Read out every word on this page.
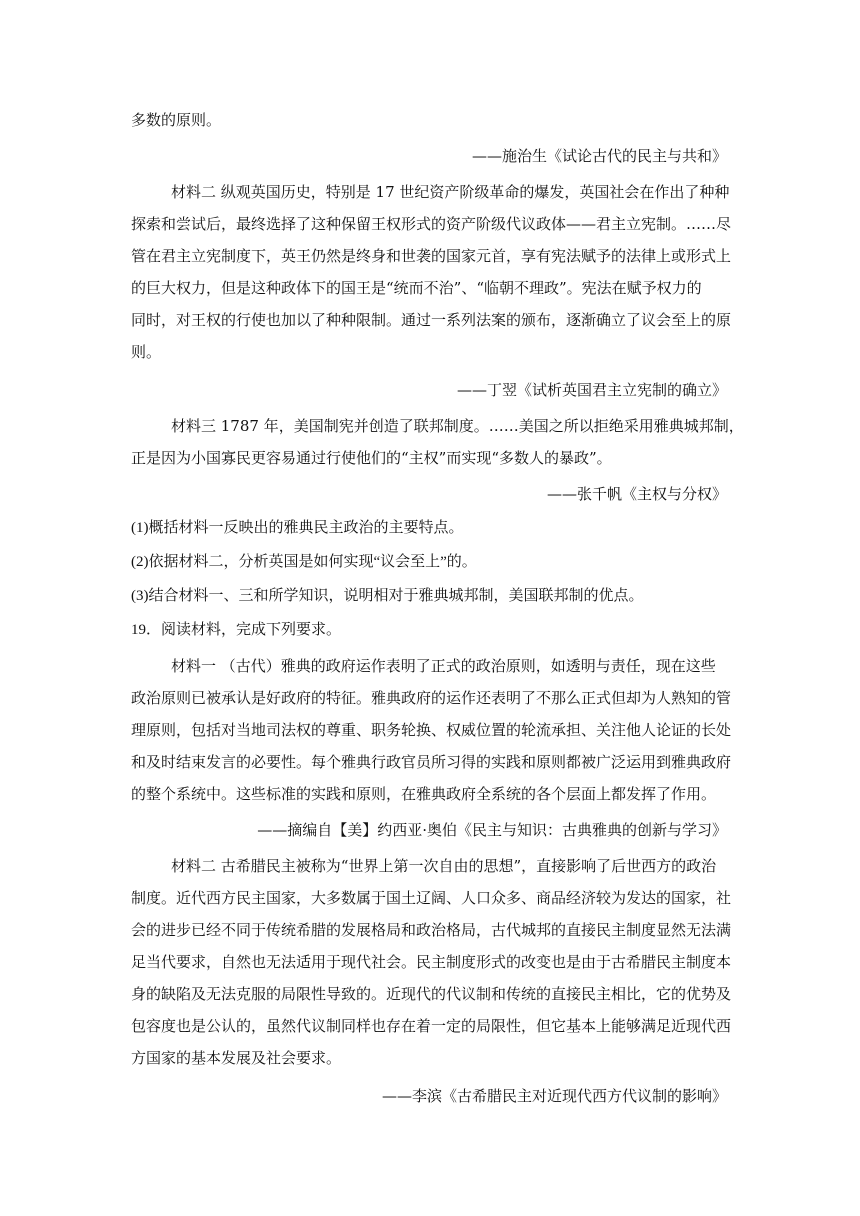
多数的原则。
——施治生《试论古代的民主与共和》
材料二 纵观英国历史，特别是 17 世纪资产阶级革命的爆发，英国社会在作出了种种
探索和尝试后，最终选择了这种保留王权形式的资产阶级代议政体——君主立宪制。……尽
管在君主立宪制度下，英王仍然是终身和世袭的国家元首，享有宪法赋予的法律上或形式上
的巨大权力，但是这种政体下的国王是“统而不治”、“临朝不理政”。宪法在赋予权力的
同时，对王权的行使也加以了种种限制。通过一系列法案的颁布，逐渐确立了议会至上的原
则。
——丁翌《试析英国君主立宪制的确立》
材料三 1787 年，美国制宪并创造了联邦制度。……美国之所以拒绝采用雅典城邦制，
正是因为小国寡民更容易通过行使他们的“主权”而实现“多数人的暴政”。
——张千帆《主权与分权》
(1)概括材料一反映出的雅典民主政治的主要特点。
(2)依据材料二，分析英国是如何实现“议会至上”的。
(3)结合材料一、三和所学知识，说明相对于雅典城邦制，美国联邦制的优点。
19．阅读材料，完成下列要求。
材料一 （古代）雅典的政府运作表明了正式的政治原则，如透明与责任，现在这些
政治原则已被承认是好政府的特征。雅典政府的运作还表明了不那么正式但却为人熟知的管
理原则，包括对当地司法权的尊重、职务轮换、权威位置的轮流承担、关注他人论证的长处
和及时结束发言的必要性。每个雅典行政官员所习得的实践和原则都被广泛运用到雅典政府
的整个系统中。这些标准的实践和原则，在雅典政府全系统的各个层面上都发挥了作用。
——摘编自【美】约西亚·奥伯《民主与知识：古典雅典的创新与学习》
材料二 古希腊民主被称为“世界上第一次自由的思想”，直接影响了后世西方的政治
制度。近代西方民主国家，大多数属于国土辽阔、人口众多、商品经济较为发达的国家，社
会的进步已经不同于传统希腊的发展格局和政治格局，古代城邦的直接民主制度显然无法满
足当代要求，自然也无法适用于现代社会。民主制度形式的改变也是由于古希腊民主制度本
身的缺陷及无法克服的局限性导致的。近现代的代议制和传统的直接民主相比，它的优势及
包容度也是公认的，虽然代议制同样也存在着一定的局限性，但它基本上能够满足近现代西
方国家的基本发展及社会要求。
——李滨《古希腊民主对近现代西方代议制的影响》
